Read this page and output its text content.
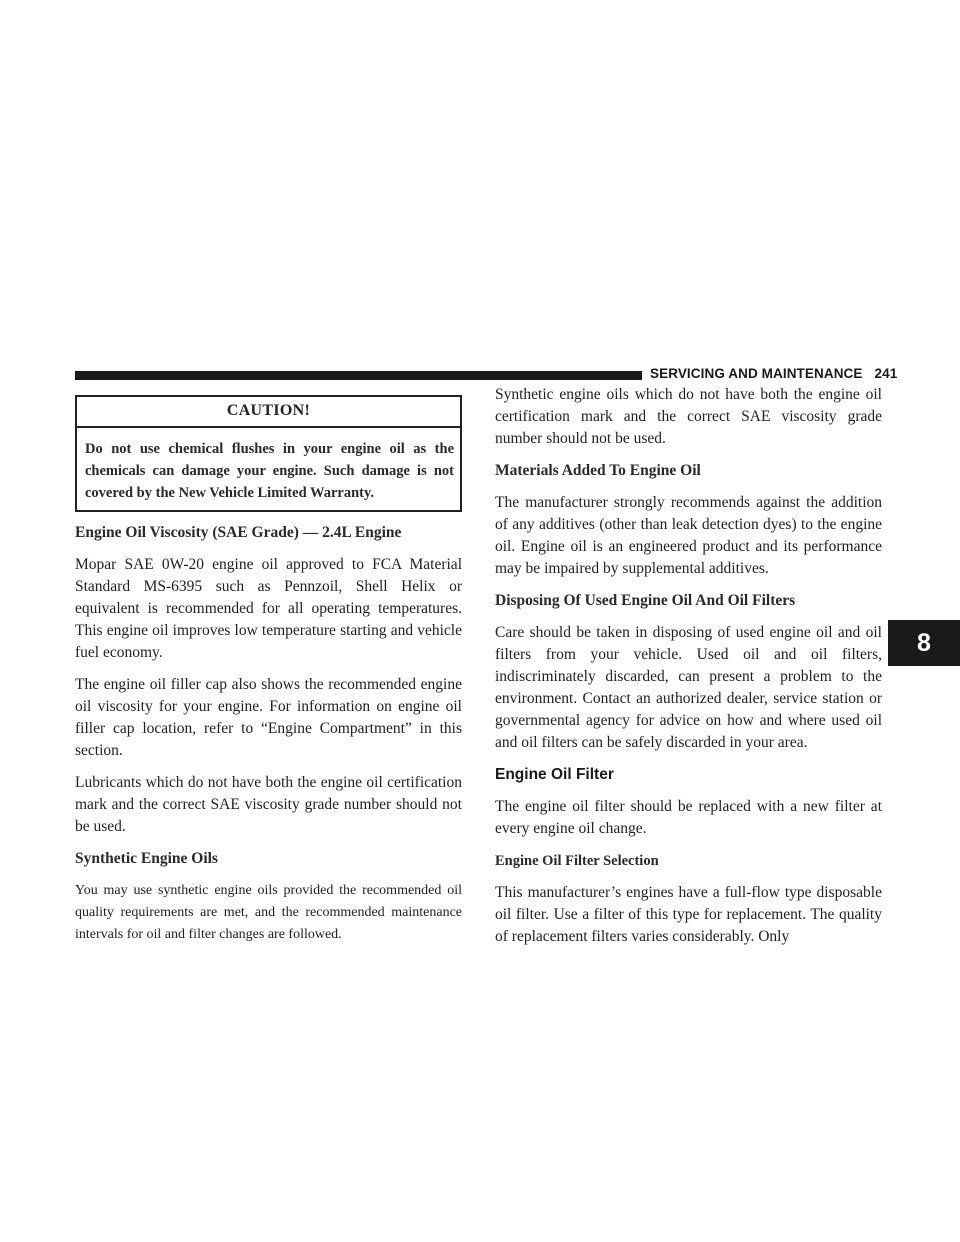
SERVICING AND MAINTENANCE 241
8
CAUTION!
Do not use chemical flushes in your engine oil as the chemicals can damage your engine. Such damage is not covered by the New Vehicle Limited Warranty.
Engine Oil Viscosity (SAE Grade) — 2.4L Engine

Mopar SAE 0W-20 engine oil approved to FCA Material Standard MS-6395 such as Pennzoil, Shell Helix or equivalent is recommended for all operating temperatures. This engine oil improves low temperature starting and vehicle fuel economy.

The engine oil filler cap also shows the recommended engine oil viscosity for your engine. For information on engine oil filler cap location, refer to “Engine Compartment” in this section.

Lubricants which do not have both the engine oil certification mark and the correct SAE viscosity grade number should not be used.

Synthetic Engine Oils

You may use synthetic engine oils provided the recommended oil quality requirements are met, and the recommended maintenance intervals for oil and filter changes are followed.

Synthetic engine oils which do not have both the engine oil certification mark and the correct SAE viscosity grade number should not be used.

Materials Added To Engine Oil

The manufacturer strongly recommends against the addition of any additives (other than leak detection dyes) to the engine oil. Engine oil is an engineered product and its performance may be impaired by supplemental additives.

Disposing Of Used Engine Oil And Oil Filters

Care should be taken in disposing of used engine oil and oil filters from your vehicle. Used oil and oil filters, indiscriminately discarded, can present a problem to the environment. Contact an authorized dealer, service station or governmental agency for advice on how and where used oil and oil filters can be safely discarded in your area.

Engine Oil Filter

The engine oil filter should be replaced with a new filter at every engine oil change.

Engine Oil Filter Selection

This manufacturer’s engines have a full-flow type disposable oil filter. Use a filter of this type for replacement. The quality of replacement filters varies considerably. Only
